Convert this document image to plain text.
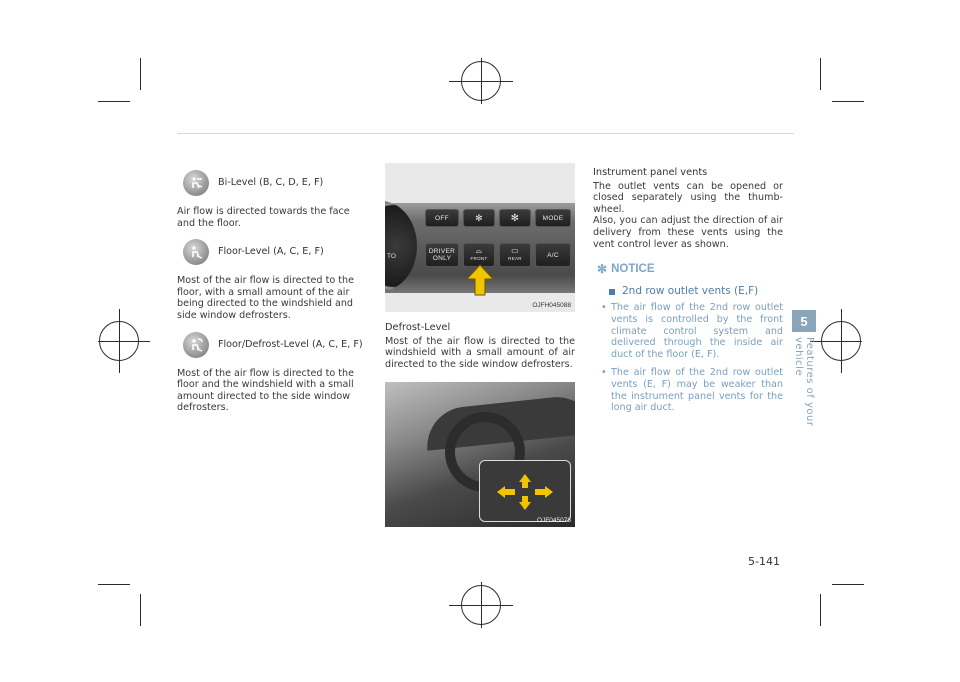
Bi-Level (B, C, D, E, F)

Air flow is directed towards the face and the floor.

Floor-Level (A, C, E, F)

Most of the air flow is directed to the floor, with a small amount of the air being directed to the windshield and side window defrosters.

Floor/Defrost-Level (A, C, E, F)

Most of the air flow is directed to the floor and the windshield with a small amount directed to the side window defrosters.

TO
OFF	✻	✻	MODE
DRIVER
ONLY
⌓
FRONT
▭
REAR	A/C
OJFH045088
Defrost-Level

Most of the air flow is directed to the windshield with a small amount of air directed to the side window defrosters.

OJF045078
Instrument panel vents
The outlet vents can be opened or closed separately using the thumb-wheel.

Also, you can adjust the direction of air delivery from these vents using the vent control lever as shown.

✻ NOTICE
2nd row outlet vents (E,F)
• The air flow of the 2nd row outlet vents is controlled by the front climate control system and delivered through the inside air duct of the floor (E, F).
• The air flow of the 2nd row outlet vents (E, F) may be weaker than the instrument panel vents for the long air duct.
5
Features of your vehicle
5-141
